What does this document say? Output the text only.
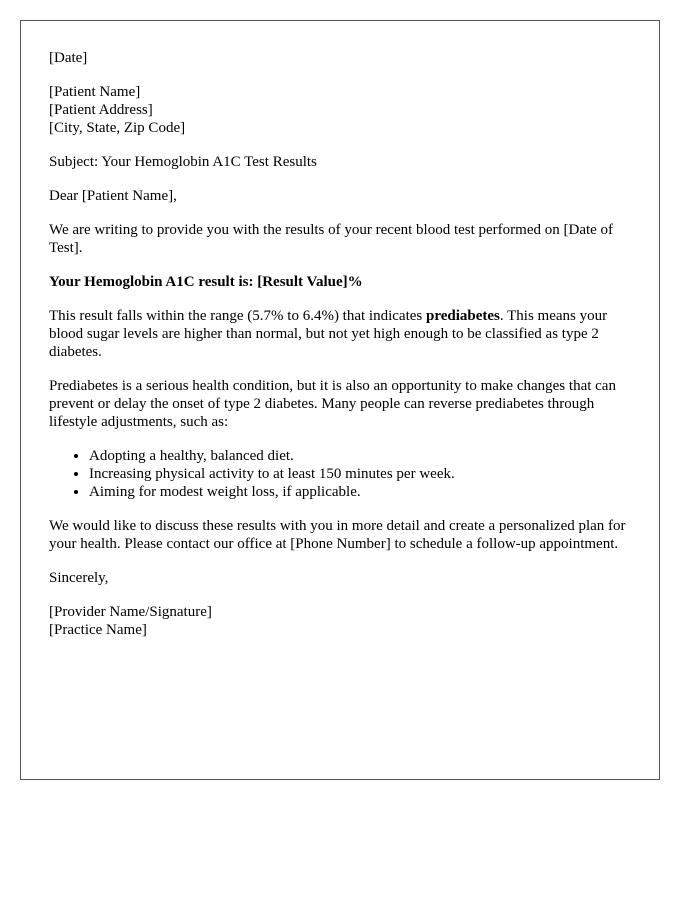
[Date]

[Patient Name]
[Patient Address]
[City, State, Zip Code]

Subject: Your Hemoglobin A1C Test Results

Dear [Patient Name],

We are writing to provide you with the results of your recent blood test performed on [Date of Test].

Your Hemoglobin A1C result is: [Result Value]%

This result falls within the range (5.7% to 6.4%) that indicates prediabetes. This means your blood sugar levels are higher than normal, but not yet high enough to be classified as type 2 diabetes.

Prediabetes is a serious health condition, but it is also an opportunity to make changes that can prevent or delay the onset of type 2 diabetes. Many people can reverse prediabetes through lifestyle adjustments, such as:

• Adopting a healthy, balanced diet.
• Increasing physical activity to at least 150 minutes per week.
• Aiming for modest weight loss, if applicable.

We would like to discuss these results with you in more detail and create a personalized plan for your health. Please contact our office at [Phone Number] to schedule a follow-up appointment.

Sincerely,

[Provider Name/Signature]
[Practice Name]
